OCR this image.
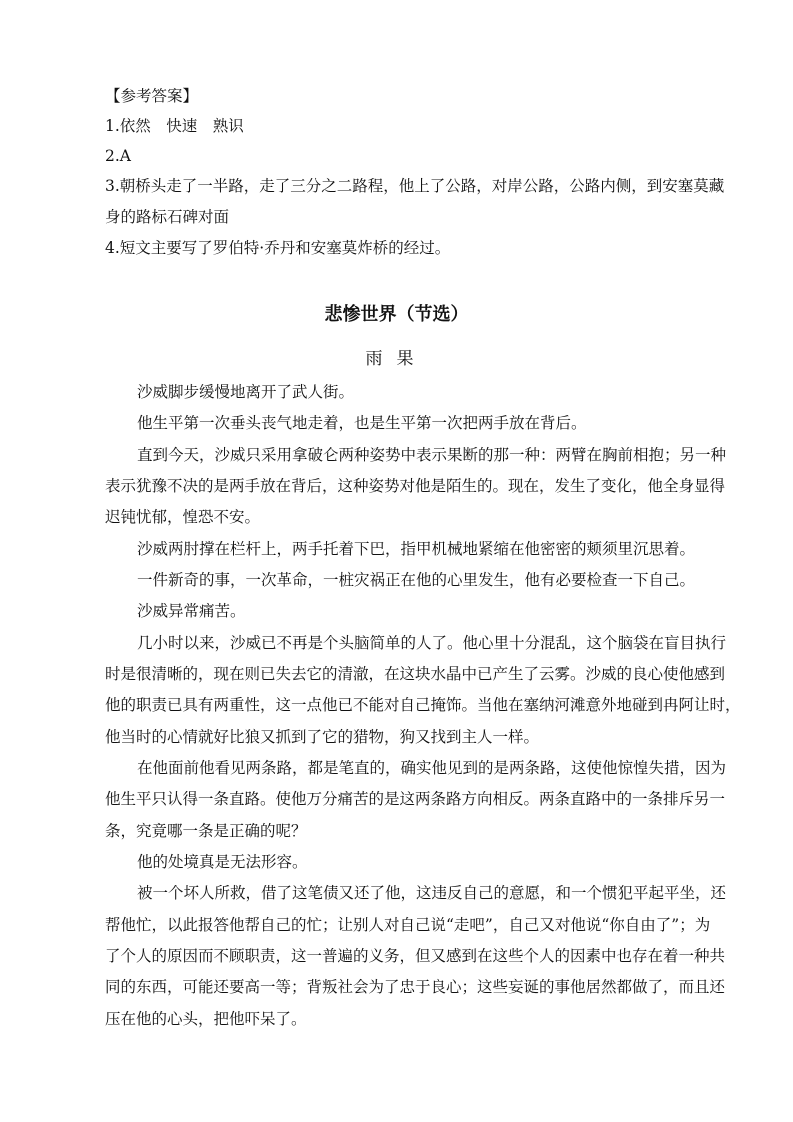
【参考答案】
1.依然　快速　熟识
2.A
3.朝桥头走了一半路，走了三分之二路程，他上了公路，对岸公路，公路内侧，到安塞莫藏
身的路标石碑对面
4.短文主要写了罗伯特·乔丹和安塞莫炸桥的经过。
悲惨世界（节选）
雨果
沙威脚步缓慢地离开了武人街。
他生平第一次垂头丧气地走着，也是生平第一次把两手放在背后。
直到今天，沙威只采用拿破仑两种姿势中表示果断的那一种：两臂在胸前相抱；另一种
表示犹豫不决的是两手放在背后，这种姿势对他是陌生的。现在，发生了变化，他全身显得
迟钝忧郁，惶恐不安。
沙威两肘撑在栏杆上，两手托着下巴，指甲机械地紧缩在他密密的颊须里沉思着。
一件新奇的事，一次革命，一桩灾祸正在他的心里发生，他有必要检查一下自己。
沙威异常痛苦。
几小时以来，沙威已不再是个头脑简单的人了。他心里十分混乱，这个脑袋在盲目执行
时是很清晰的，现在则已失去它的清澈，在这块水晶中已产生了云雾。沙威的良心使他感到
他的职责已具有两重性，这一点他已不能对自己掩饰。当他在塞纳河滩意外地碰到冉阿让时，
他当时的心情就好比狼又抓到了它的猎物，狗又找到主人一样。
在他面前他看见两条路，都是笔直的，确实他见到的是两条路，这使他惊惶失措，因为
他生平只认得一条直路。使他万分痛苦的是这两条路方向相反。两条直路中的一条排斥另一
条，究竟哪一条是正确的呢？
他的处境真是无法形容。
被一个坏人所救，借了这笔债又还了他，这违反自己的意愿，和一个惯犯平起平坐，还
帮他忙，以此报答他帮自己的忙；让别人对自己说“走吧”，自己又对他说“你自由了”；为
了个人的原因而不顾职责，这一普遍的义务，但又感到在这些个人的因素中也存在着一种共
同的东西，可能还要高一等；背叛社会为了忠于良心；这些妄诞的事他居然都做了，而且还
压在他的心头，把他吓呆了。
